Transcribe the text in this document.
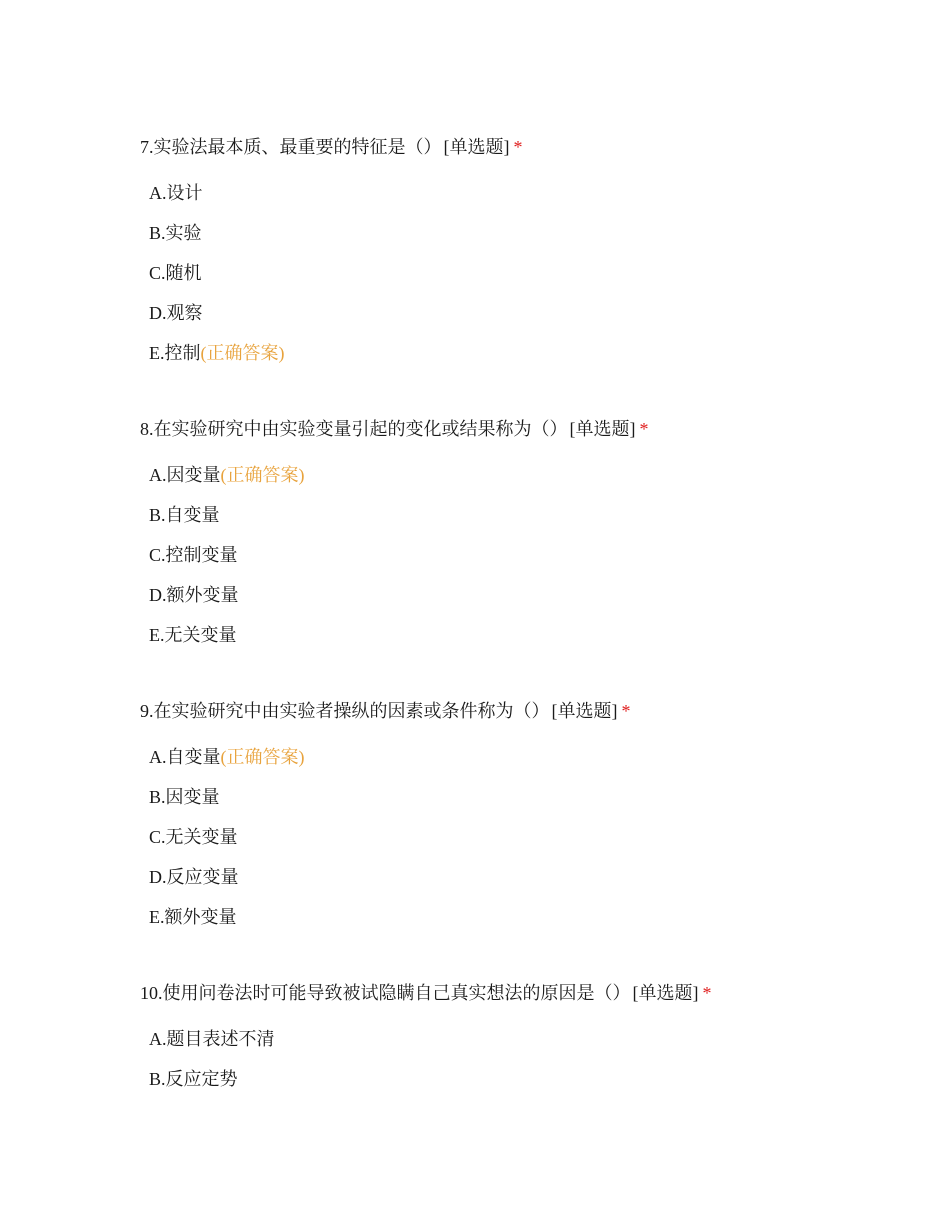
7.实验法最本质、最重要的特征是（） [单选题] *
A.设计
B.实验
C.随机
D.观察
E.控制(正确答案)
8.在实验研究中由实验变量引起的变化或结果称为（） [单选题] *
A.因变量(正确答案)
B.自变量
C.控制变量
D.额外变量
E.无关变量
9.在实验研究中由实验者操纵的因素或条件称为（） [单选题] *
A.自变量(正确答案)
B.因变量
C.无关变量
D.反应变量
E.额外变量
10.使用问卷法时可能导致被试隐瞒自己真实想法的原因是（） [单选题] *
A.题目表述不清
B.反应定势
